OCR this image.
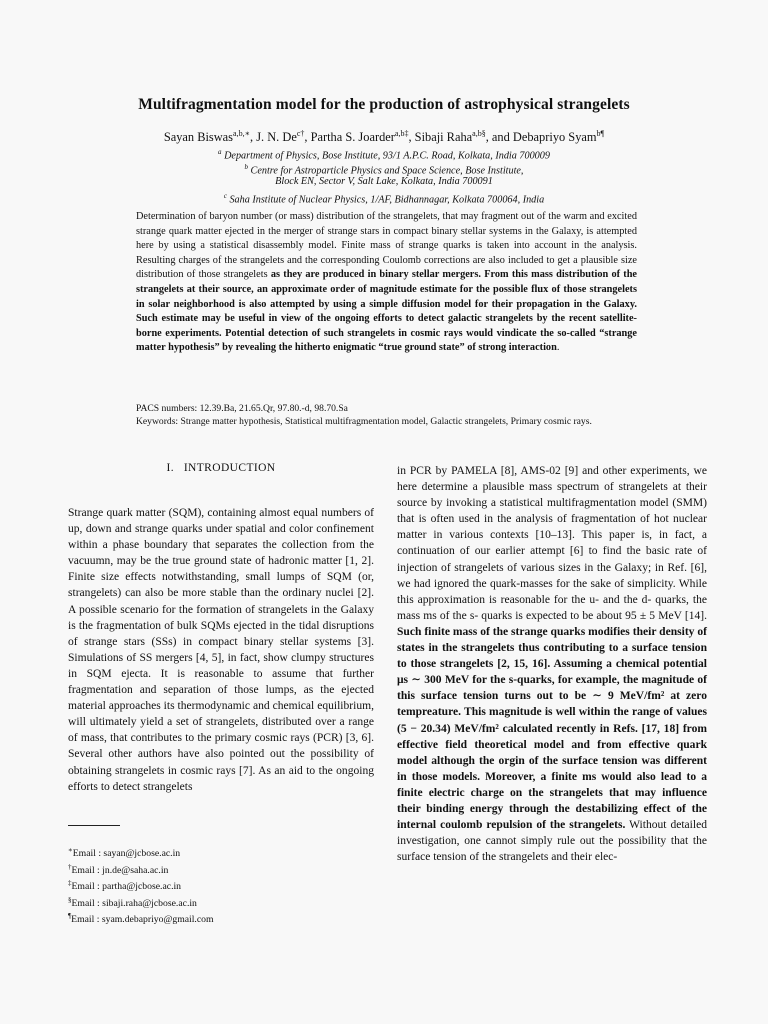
Multifragmentation model for the production of astrophysical strangelets
Sayan Biswas$^{a,b,∗}$, J. N. $De^{c\dagger}$, Partha S. Joarder$^{a,b\ddagger}$, Sibaji Raha$^{a,b\S}$, and Debapriyo Syam$^{b\P}$
$^a$ Department of Physics, Bose Institute, 93/1 A.P.C. Road, Kolkata, India 700009
$^b$ Centre for Astroparticle Physics and Space Science, Bose Institute,
Block EN, Sector V, Salt Lake, Kolkata, India 700091
$^c$ Saha Institute of Nuclear Physics, 1/AF, Bidhannagar, Kolkata 700064, India
Determination of baryon number (or mass) distribution of the strangelets, that may fragment out of the warm and excited strange quark matter ejected in the merger of strange stars in compact binary stellar systems in the Galaxy, is attempted here by using a statistical disassembly model. Finite mass of strange quarks is taken into account in the analysis. Resulting charges of the strangelets and the corresponding Coulomb corrections are also included to get a plausible size distribution of those strangelets as they are produced in binary stellar mergers. From this mass distribution of the strangelets at their source, an approximate order of magnitude estimate for the possible flux of those strangelets in solar neighborhood is also attempted by using a simple diffusion model for their propagation in the Galaxy. Such estimate may be useful in view of the ongoing efforts to detect galactic strangelets by the recent satellite-borne experiments. Potential detection of such strangelets in cosmic rays would vindicate the so-called “strange matter hypothesis” by revealing the hitherto enigmatic “true ground state” of strong interaction.
PACS numbers: 12.39.Ba, 21.65.Qr, 97.80.-d, 98.70.Sa
Keywords: Strange matter hypothesis, Statistical multifragmentation model, Galactic strangelets, Primary cosmic rays.
I. INTRODUCTION
Strange quark matter (SQM), containing almost equal numbers of up, down and strange quarks under spatial and color confinement within a phase boundary that separates the collection from the vacuumn, may be the true ground state of hadronic matter [1, 2]. Finite size effects notwithstanding, small lumps of SQM (or, strangelets) can also be more stable than the ordinary nuclei [2]. A possible scenario for the formation of strangelets in the Galaxy is the fragmentation of bulk SQMs ejected in the tidal disruptions of strange stars (SSs) in compact binary stellar systems [3]. Simulations of SS mergers [4, 5], in fact, show clumpy structures in SQM ejecta. It is reasonable to assume that further fragmentation and separation of those lumps, as the ejected material approaches its thermodynamic and chemical equilibrium, will ultimately yield a set of strangelets, distributed over a range of mass, that contributes to the primary cosmic rays (PCR) [3, 6]. Several other authors have also pointed out the possibility of obtaining strangelets in cosmic rays [7]. As an aid to the ongoing efforts to detect strangelets
in PCR by PAMELA [8], AMS-02 [9] and other experiments, we here determine a plausible mass spectrum of strangelets at their source by invoking a statistical multifragmentation model (SMM) that is often used in the analysis of fragmentation of hot nuclear matter in various contexts [10–13]. This paper is, in fact, a continuation of our earlier attempt [6] to find the basic rate of injection of strangelets of various sizes in the Galaxy; in Ref. [6], we had ignored the quark-masses for the sake of simplicity. While this approximation is reasonable for the u- and the d- quarks, the mass ms of the s- quarks is expected to be about 95 ± 5 MeV [14]. Such finite mass of the strange quarks modifies their density of states in the strangelets thus contributing to a surface tension to those strangelets [2, 15, 16]. Assuming a chemical potential μs ∼ 300 MeV for the s-quarks, for example, the magnitude of this surface tension turns out to be ∼ 9 MeV/fm² at zero tempreature. This magnitude is well within the range of values (5 − 20.34) MeV/fm² calculated recently in Refs. [17, 18] from effective field theoretical model and from effective quark model although the orgin of the surface tension was different in those models. Moreover, a finite ms would also lead to a finite electric charge on the strangelets that may influence their binding energy through the destabilizing effect of the internal coulomb repulsion of the strangelets. Without detailed investigation, one cannot simply rule out the possibility that the surface tension of the strangelets and their elec-
∗Email : sayan@jcbose.ac.in
†Email : jn.de@saha.ac.in
‡Email : partha@jcbose.ac.in
§Email : sibaji.raha@jcbose.ac.in
¶Email : syam.debapriyo@gmail.com
